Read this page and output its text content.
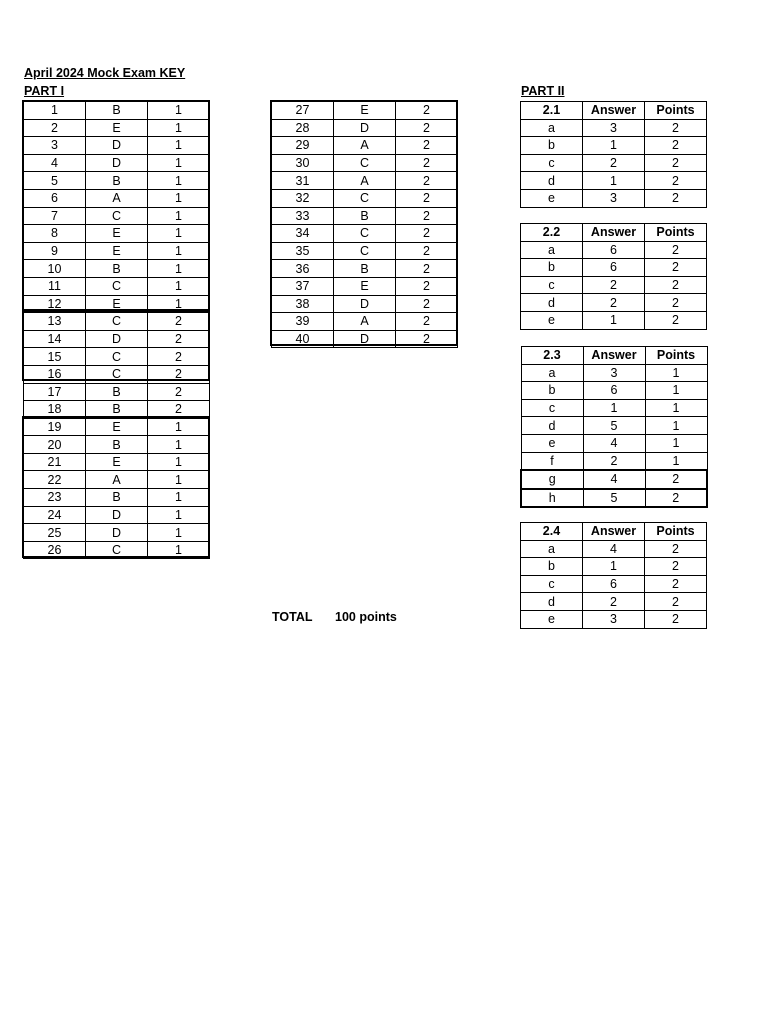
April 2024 Mock Exam KEY
PART I	PART II
1	B	1
2	E	1
3	D	1
4	D	1
5	B	1
6	A	1
7	C	1
8	E	1
9	E	1
10	B	1
11	C	1
12	E	1
13	C	2
14	D	2
15	C	2
16	C	2
17	B	2
18	B	2
19	E	1
20	B	1
21	E	1
22	A	1
23	B	1
24	D	1
25	D	1
26	C	1
27	E	2
28	D	2
29	A	2
30	C	2
31	A	2
32	C	2
33	B	2
34	C	2
35	C	2
36	B	2
37	E	2
38	D	2
39	A	2
40	D	2
2.1	Answer	Points
a	3	2
b	1	2
c	2	2
d	1	2
e	3	2
2.2	Answer	Points
a	6	2
b	6	2
c	2	2
d	2	2
e	1	2
2.3	Answer	Points
a	3	1
b	6	1
c	1	1
d	5	1
e	4	1
f	2	1
g	4	2
h	5	2
2.4	Answer	Points
a	4	2
b	1	2
c	6	2
d	2	2
e	3	2
TOTAL 100 points
